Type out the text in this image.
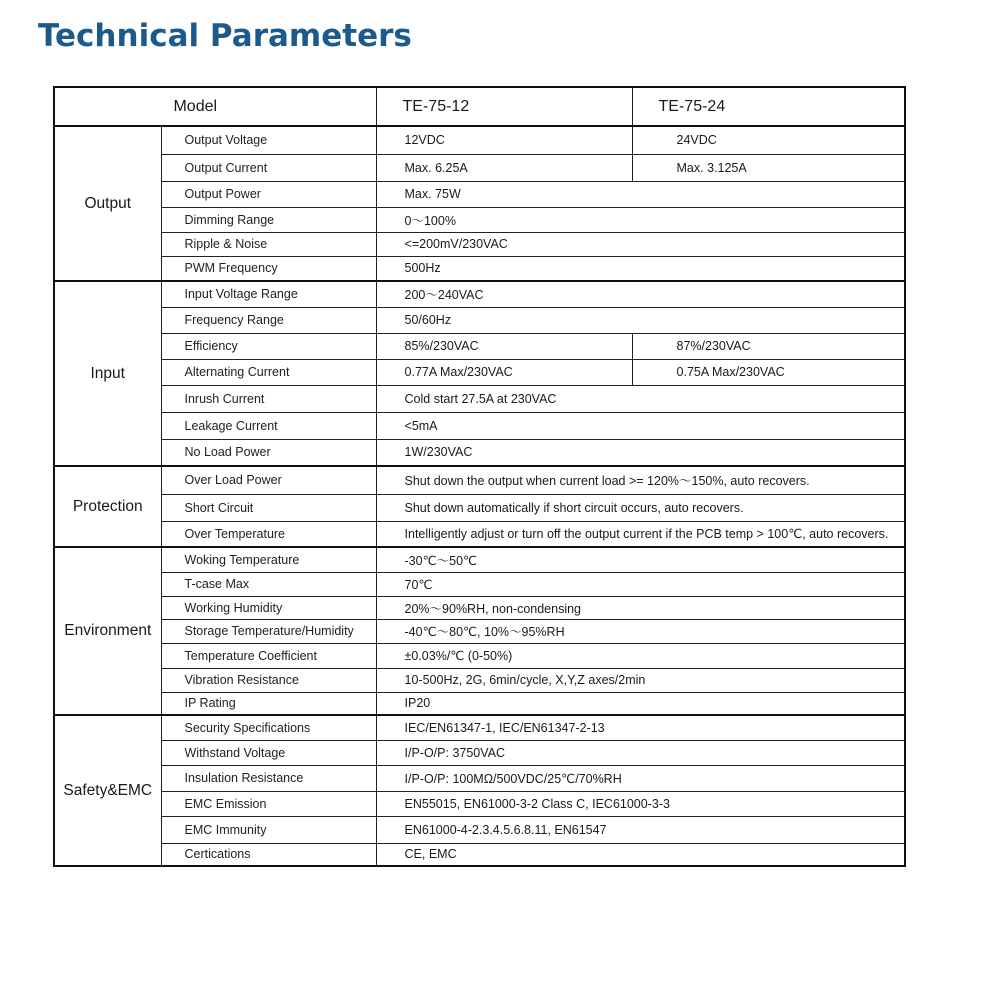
Technical Parameters
Model		TE-75-12	TE-75-24
Output	Output Voltage	12VDC	24VDC
	Output Current	Max. 6.25A	Max. 3.125A
	Output Power	Max. 75W	
	Dimming Range	0～100%	
	Ripple & Noise	<=200mV/230VAC	
	PWM Frequency	500Hz	
Input	Input Voltage Range	200～240VAC	
	Frequency Range	50/60Hz	
	Efficiency	85%/230VAC	87%/230VAC
	Alternating Current	0.77A Max/230VAC	0.75A Max/230VAC
	Inrush Current	Cold start 27.5A at 230VAC	
	Leakage Current	<5mA	
	No Load Power	1W/230VAC	
Protection	Over Load Power	Shut down the output when current load >= 120%～150%, auto recovers.	
	Short Circuit	Shut down automatically if short circuit occurs, auto recovers.	
	Over Temperature	Intelligently adjust or turn off the output current if the PCB temp > 100℃, auto recovers.	
Environment	Woking Temperature	-30℃～50℃	
	T-case Max	70℃	
	Working Humidity	20%～90%RH, non-condensing	
	Storage Temperature/Humidity	-40℃～80℃, 10%～95%RH	
	Temperature Coefficient	±0.03%/℃ (0-50%)	
	Vibration Resistance	10-500Hz, 2G, 6min/cycle, X,Y,Z axes/2min	
	IP Rating	IP20	
Safety&EMC	Security Specifications	IEC/EN61347-1, IEC/EN61347-2-13	
	Withstand Voltage	I/P-O/P: 3750VAC	
	Insulation Resistance	I/P-O/P: 100MΩ/500VDC/25℃/70%RH	
	EMC Emission	EN55015, EN61000-3-2 Class C, IEC61000-3-3	
	EMC Immunity	EN61000-4-2.3.4.5.6.8.11, EN61547	
	Certications	CE, EMC	
